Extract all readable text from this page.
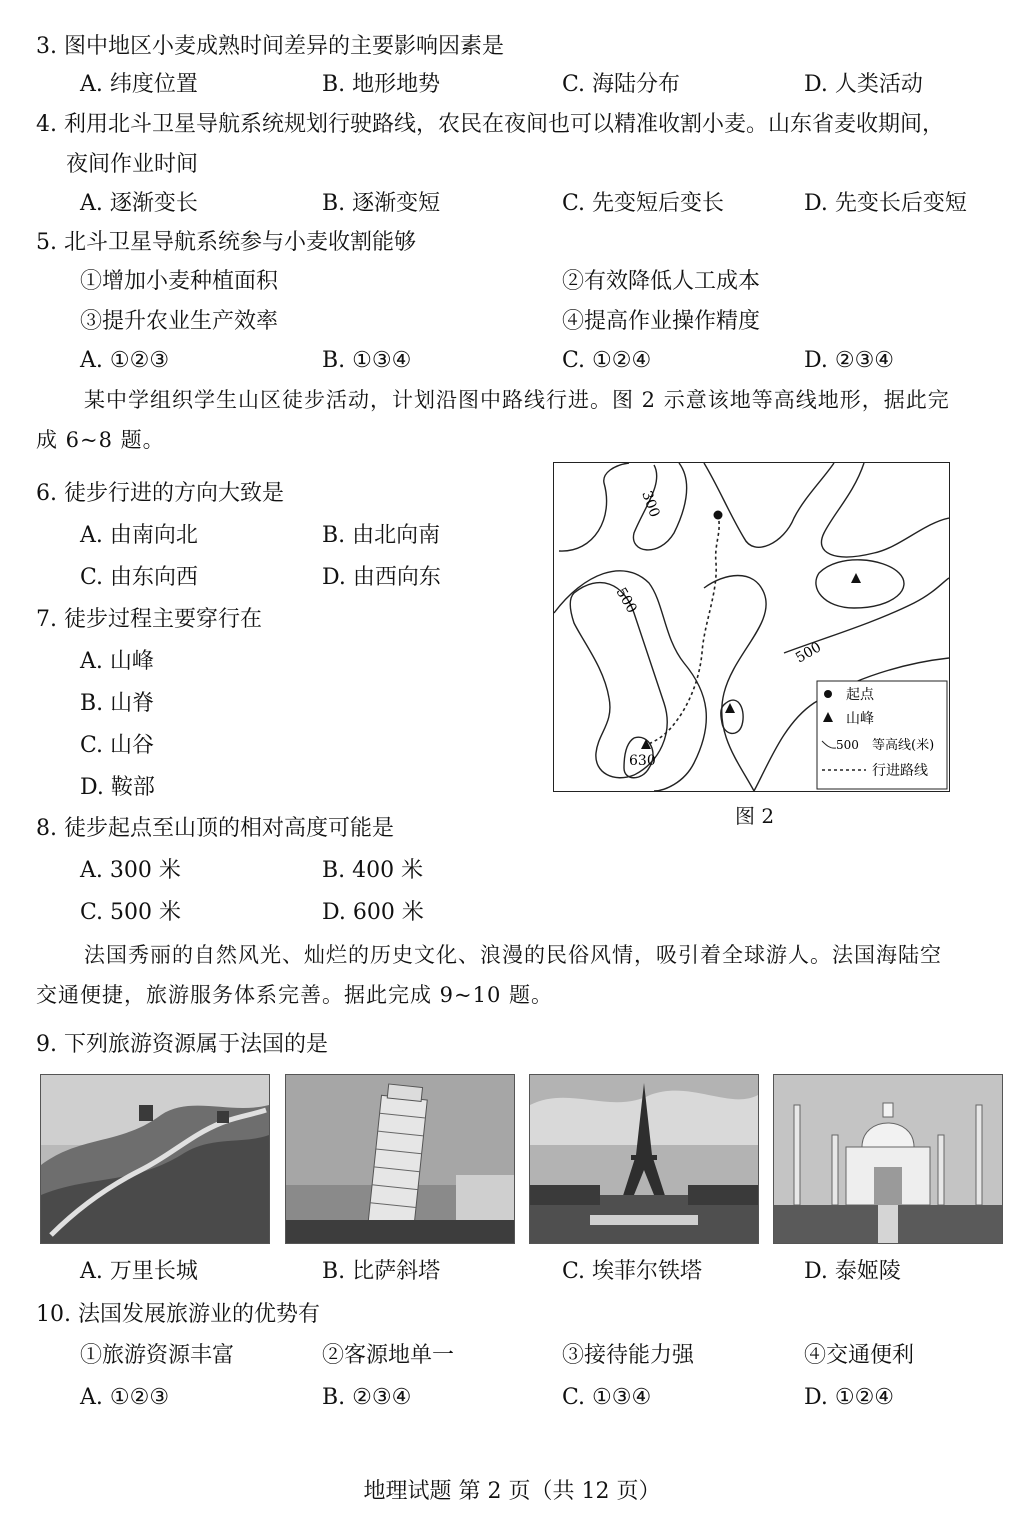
3. 图中地区小麦成熟时间差异的主要影响因素是
A. 纬度位置	B. 地形地势	C. 海陆分布	D. 人类活动
4. 利用北斗卫星导航系统规划行驶路线，农民在夜间也可以精准收割小麦。山东省麦收期间，
夜间作业时间
A. 逐渐变长	B. 逐渐变短	C. 先变短后变长	D. 先变长后变短
5. 北斗卫星导航系统参与小麦收割能够
①增加小麦种植面积	②有效降低人工成本
③提升农业生产效率	④提高作业操作精度
A. ①②③	B. ①③④	C. ①②④	D. ②③④
某中学组织学生山区徒步活动，计划沿图中路线行进。图 2 示意该地等高线地形，据此完
成 6~8 题。
6. 徒步行进的方向大致是
A. 由南向北	B. 由北向南
C. 由东向西	D. 由西向东
7. 徒步过程主要穿行在
A. 山峰
B. 山脊
C. 山谷
D. 鞍部
8. 徒步起点至山顶的相对高度可能是
A. 300 米	B. 400 米
C. 500 米	D. 600 米
300
500
500
630
起点
山峰
500 等高线(米)
行进路线
图 2
法国秀丽的自然风光、灿烂的历史文化、浪漫的民俗风情，吸引着全球游人。法国海陆空
交通便捷，旅游服务体系完善。据此完成 9~10 题。
9. 下列旅游资源属于法国的是
A. 万里长城	B. 比萨斜塔	C. 埃菲尔铁塔	D. 泰姬陵
10. 法国发展旅游业的优势有
①旅游资源丰富	②客源地单一	③接待能力强	④交通便利
A. ①②③	B. ②③④	C. ①③④	D. ①②④
地理试题 第 2 页（共 12 页）
